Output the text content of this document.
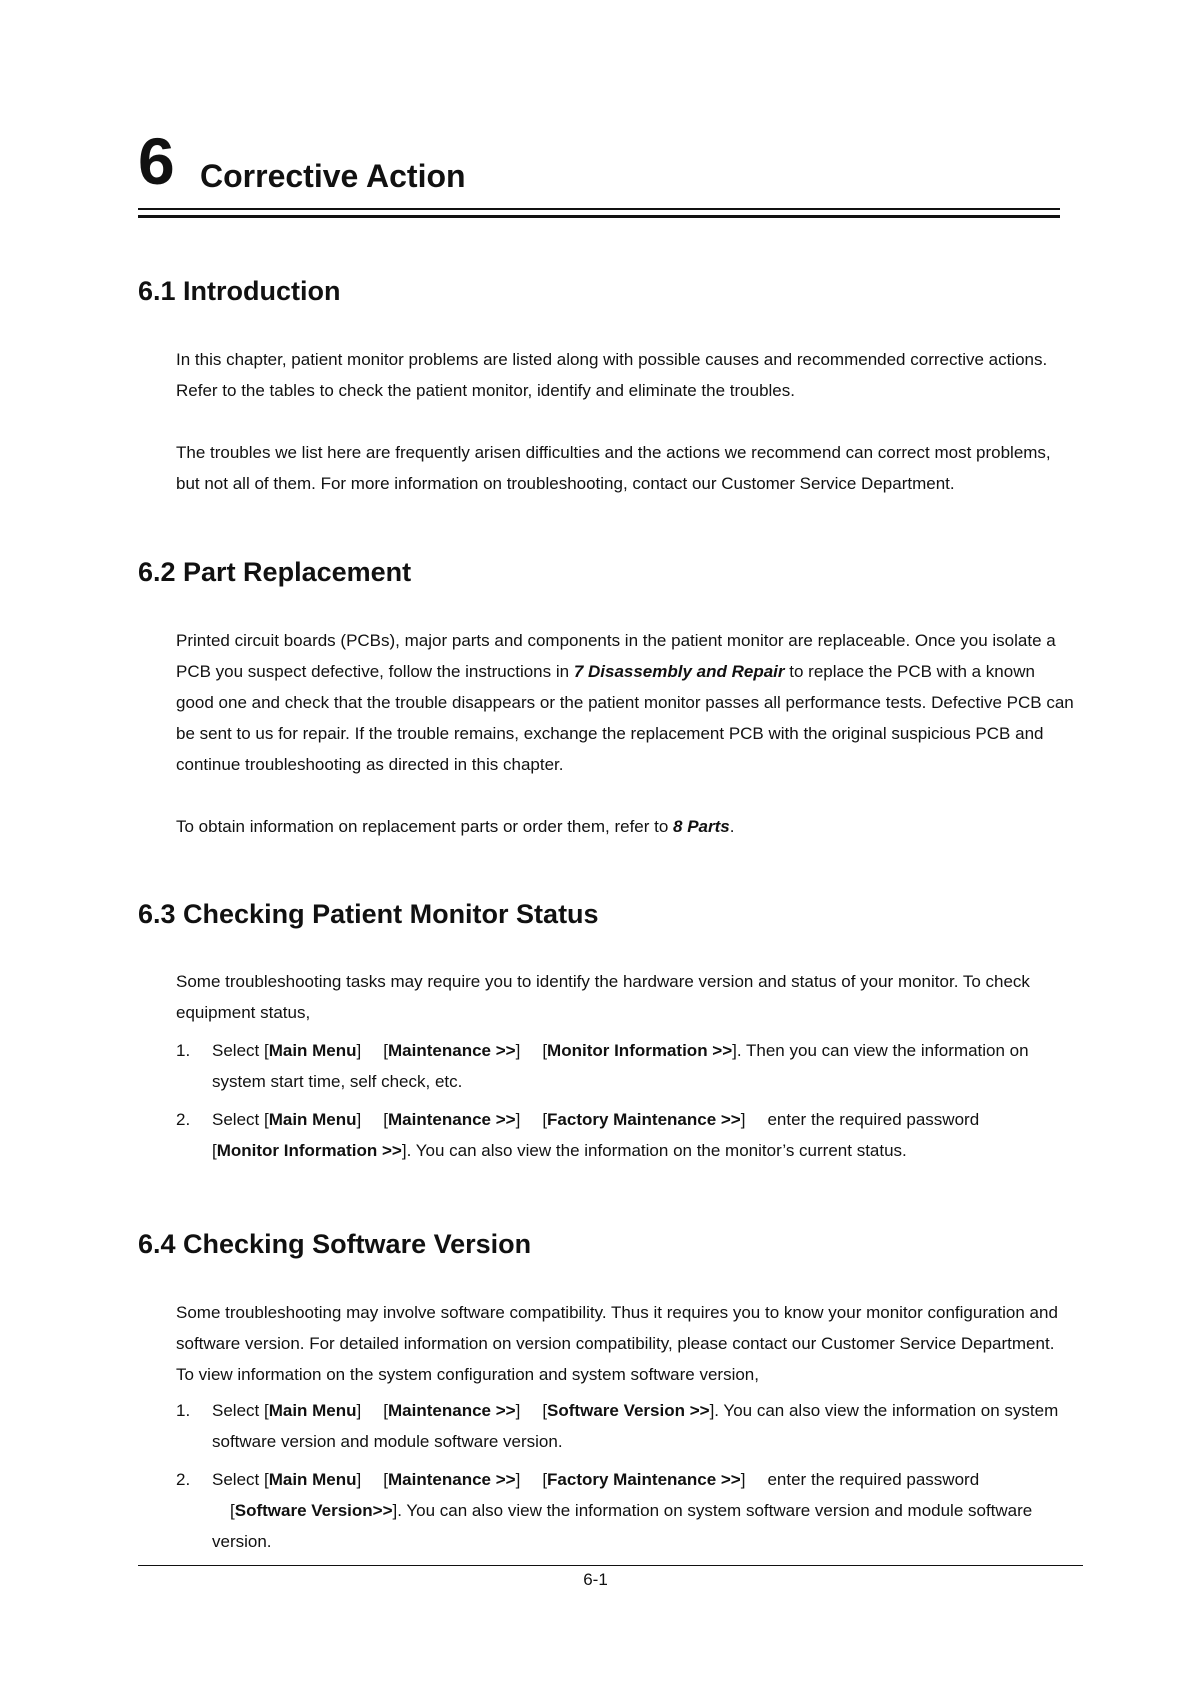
6 Corrective Action
6.1 Introduction
In this chapter, patient monitor problems are listed along with possible causes and recommended corrective actions. Refer to the tables to check the patient monitor, identify and eliminate the troubles.
The troubles we list here are frequently arisen difficulties and the actions we recommend can correct most problems, but not all of them. For more information on troubleshooting, contact our Customer Service Department.
6.2 Part Replacement
Printed circuit boards (PCBs), major parts and components in the patient monitor are replaceable. Once you isolate a PCB you suspect defective, follow the instructions in 7 Disassembly and Repair to replace the PCB with a known good one and check that the trouble disappears or the patient monitor passes all performance tests. Defective PCB can be sent to us for repair. If the trouble remains, exchange the replacement PCB with the original suspicious PCB and continue troubleshooting as directed in this chapter.
To obtain information on replacement parts or order them, refer to 8 Parts.
6.3 Checking Patient Monitor Status
Some troubleshooting tasks may require you to identify the hardware version and status of your monitor. To check equipment status,
1. Select [Main Menu] [Maintenance >>] [Monitor Information >>]. Then you can view the information on system start time, self check, etc.
2. Select [Main Menu] [Maintenance >>] [Factory Maintenance >>] enter the required password
[Monitor Information >>]. You can also view the information on the monitor’s current status.
6.4 Checking Software Version
Some troubleshooting may involve software compatibility. Thus it requires you to know your monitor configuration and software version. For detailed information on version compatibility, please contact our Customer Service Department. To view information on the system configuration and system software version,
1. Select [Main Menu] [Maintenance >>] [Software Version >>]. You can also view the information on system software version and module software version.
2. Select [Main Menu] [Maintenance >>] [Factory Maintenance >>] enter the required password
[Software Version>>]. You can also view the information on system software version and module software version.
6-1
